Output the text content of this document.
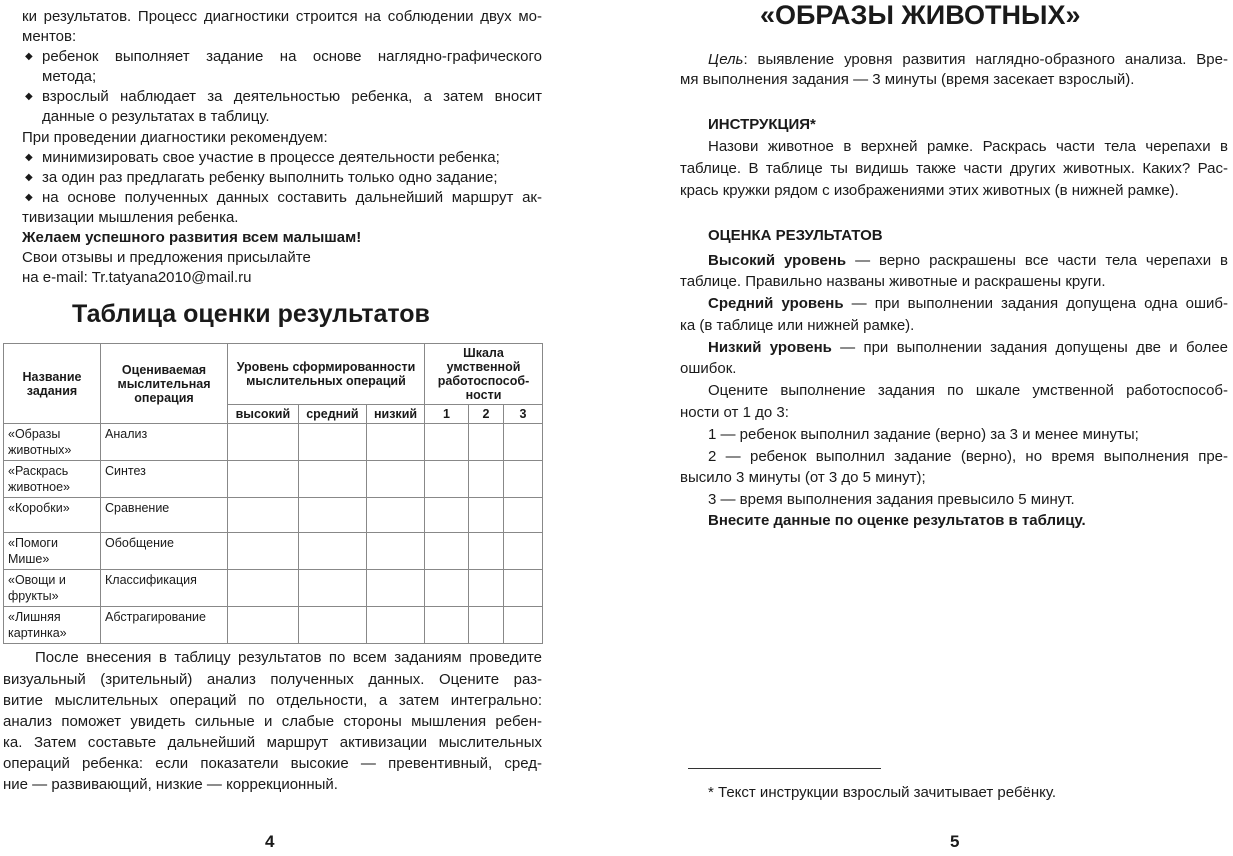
ки результатов. Процесс диагностики строится на соблюдении двух мо-
ментов:
ребенок выполняет задание на основе наглядно-графического
◆
метода;
взрослый наблюдает за деятельностью ребенка, а затем вносит
◆
данные о результатах в таблицу.
При проведении диагностики рекомендуем:
минимизировать свое участие в процессе деятельности ребенка;
◆
за один раз предлагать ребенку выполнить только одно задание;
◆
на основе полученных данных составить дальнейший маршрут ак-
◆
тивизации мышления ребенка.
Желаем успешного развития всем малышам!
Свои отзывы и предложения присылайте
на e-mail: Tr.tatyana2010@mail.ru
После внесения в таблицу результатов по всем заданиям проведите
визуальный (зрительный) анализ полученных данных. Оцените раз-
витие мыслительных операций по отдельности, а затем интегрально:
анализ поможет увидеть сильные и слабые стороны мышления ребен-
ка. Затем составьте дальнейший маршрут активизации мыслительных
операций ребенка: если показатели высокие — превентивный, сред-
ние — развивающий, низкие — коррекционный.
Таблица оценки результатов
Название задания	Оцениваемая мыслительная операция	Уровень сформированности мыслительных операций			Шкала умственной работоспособ-ности		
		высокий	средний	низкий	1	2	3
«Образы животных»	Анализ						
«Раскрась животное»	Синтез						
«Коробки»	Сравнение						
«Помоги Мише»	Обобщение						
«Овощи и фрукты»	Классификация						
«Лишняя картинка»	Абстрагирование						
4
«ОБРАЗЫ ЖИВОТНЫХ»
Цель: выявление уровня развития наглядно-образного анализа. Вре-
мя выполнения задания — 3 минуты (время засекает взрослый).
ИНСТРУКЦИЯ*
Назови животное в верхней рамке. Раскрась части тела черепахи в
таблице. В таблице ты видишь также части других животных. Каких? Рас-
крась кружки рядом с изображениями этих животных (в нижней рамке).
ОЦЕНКА РЕЗУЛЬТАТОВ
Высокий уровень — верно раскрашены все части тела черепахи в
таблице. Правильно названы животные и раскрашены круги.
Средний уровень — при выполнении задания допущена одна ошиб-
ка (в таблице или нижней рамке).
Низкий уровень — при выполнении задания допущены две и более
ошибок.
Оцените выполнение задания по шкале умственной работоспособ-
ности от 1 до 3:
1 — ребенок выполнил задание (верно) за 3 и менее минуты;
2 — ребенок выполнил задание (верно), но время выполнения пре-
высило 3 минуты (от 3 до 5 минут);
3 — время выполнения задания превысило 5 минут.
Внесите данные по оценке результатов в таблицу.
* Текст инструкции взрослый зачитывает ребёнку.
5
